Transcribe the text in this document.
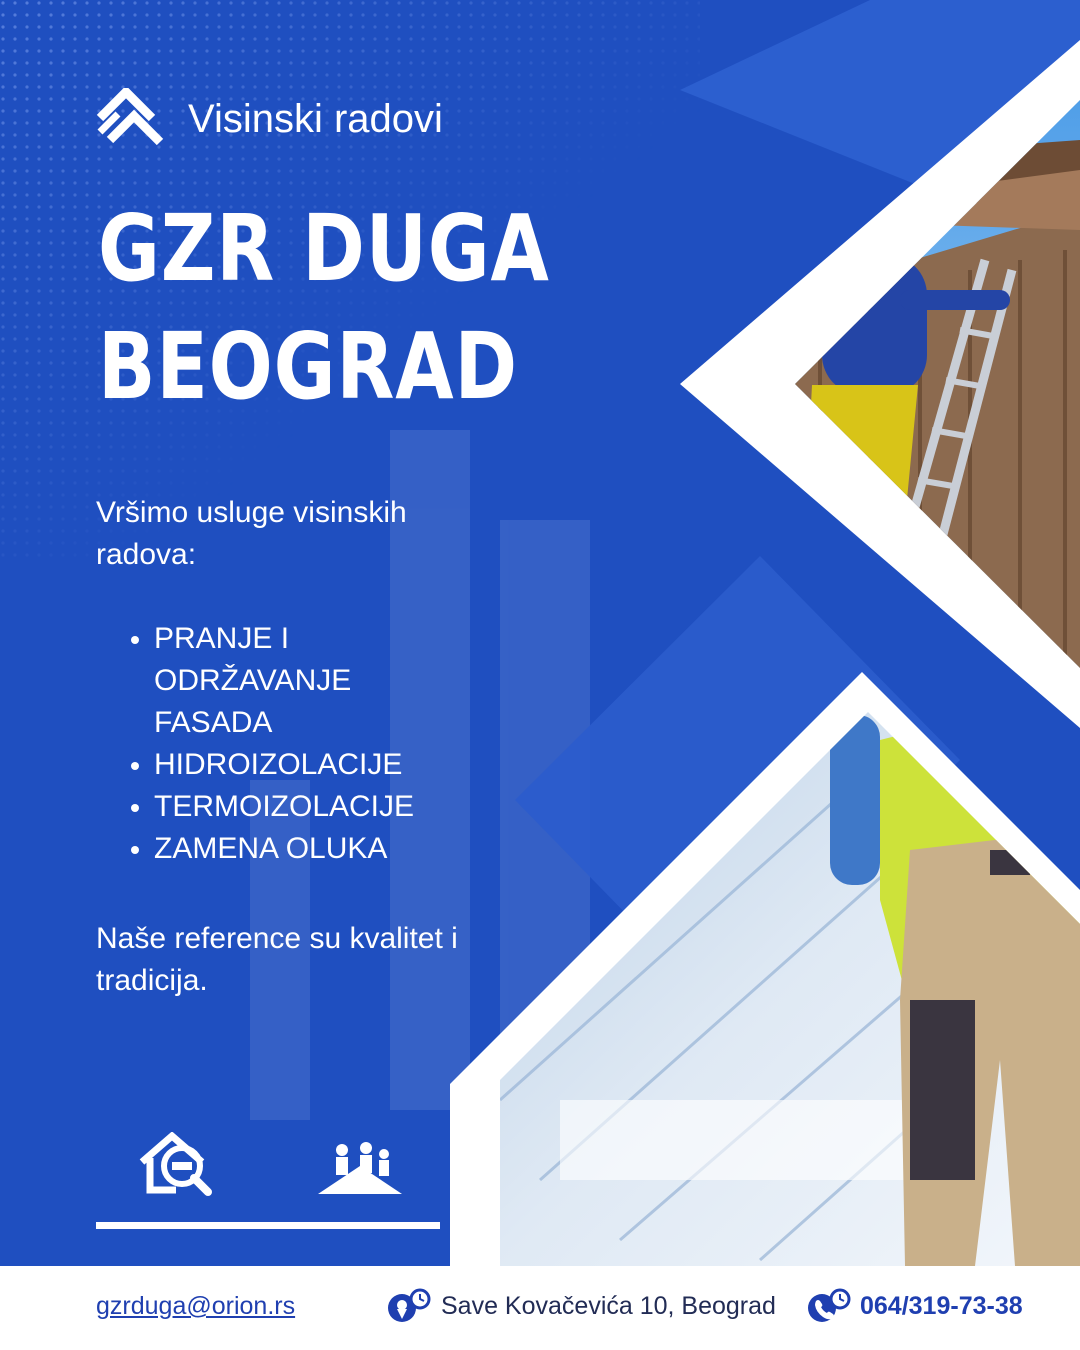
Visinski radovi
GZR DUGA
BEOGRAD
Vršimo usluge visinskih radova:
• PRANJE I ODRŽAVANJE FASADA
• HIDROIZOLACIJE
• TERMOIZOLACIJE
• ZAMENA OLUKA
Naše reference su kvalitet i tradicija.
gzrduga@orion.rs	Save Kovačevića 10, Beograd	064/319-73-38
